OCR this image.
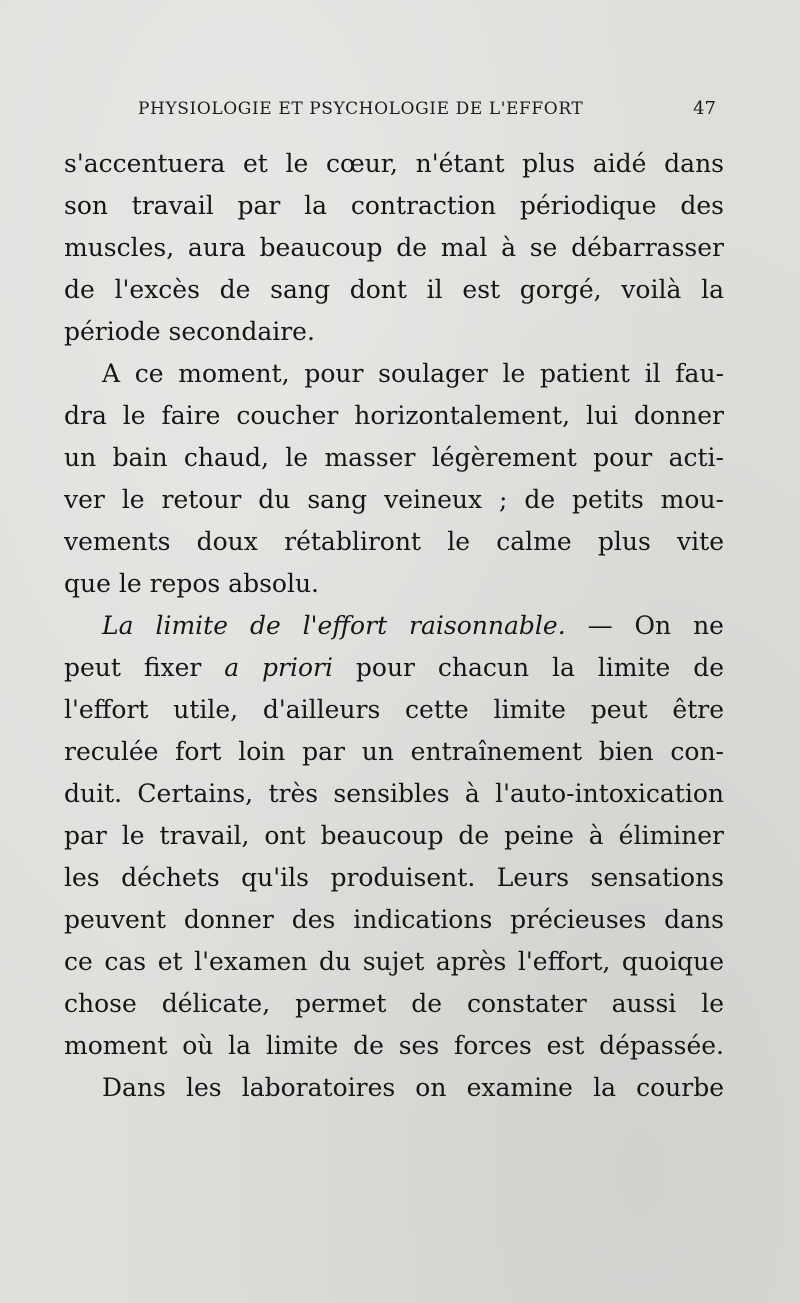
PHYSIOLOGIE ET PSYCHOLOGIE DE L'EFFORT	47
s'accentuera et le cœur, n'étant plus aidé dans
son travail par la contraction périodique des
muscles, aura beaucoup de mal à se débarrasser
de l'excès de sang dont il est gorgé, voilà la
période secondaire.
A ce moment, pour soulager le patient il fau-
dra le faire coucher horizontalement, lui donner
un bain chaud, le masser légèrement pour acti-
ver le retour du sang veineux ; de petits mou-
vements doux rétabliront le calme plus vite
que le repos absolu.
La limite de l'effort raisonnable. — On ne
peut fixer a priori pour chacun la limite de
l'effort utile, d'ailleurs cette limite peut être
reculée fort loin par un entraînement bien con-
duit. Certains, très sensibles à l'auto-intoxication
par le travail, ont beaucoup de peine à éliminer
les déchets qu'ils produisent. Leurs sensations
peuvent donner des indications précieuses dans
ce cas et l'examen du sujet après l'effort, quoique
chose délicate, permet de constater aussi le
moment où la limite de ses forces est dépassée.
Dans les laboratoires on examine la courbe
